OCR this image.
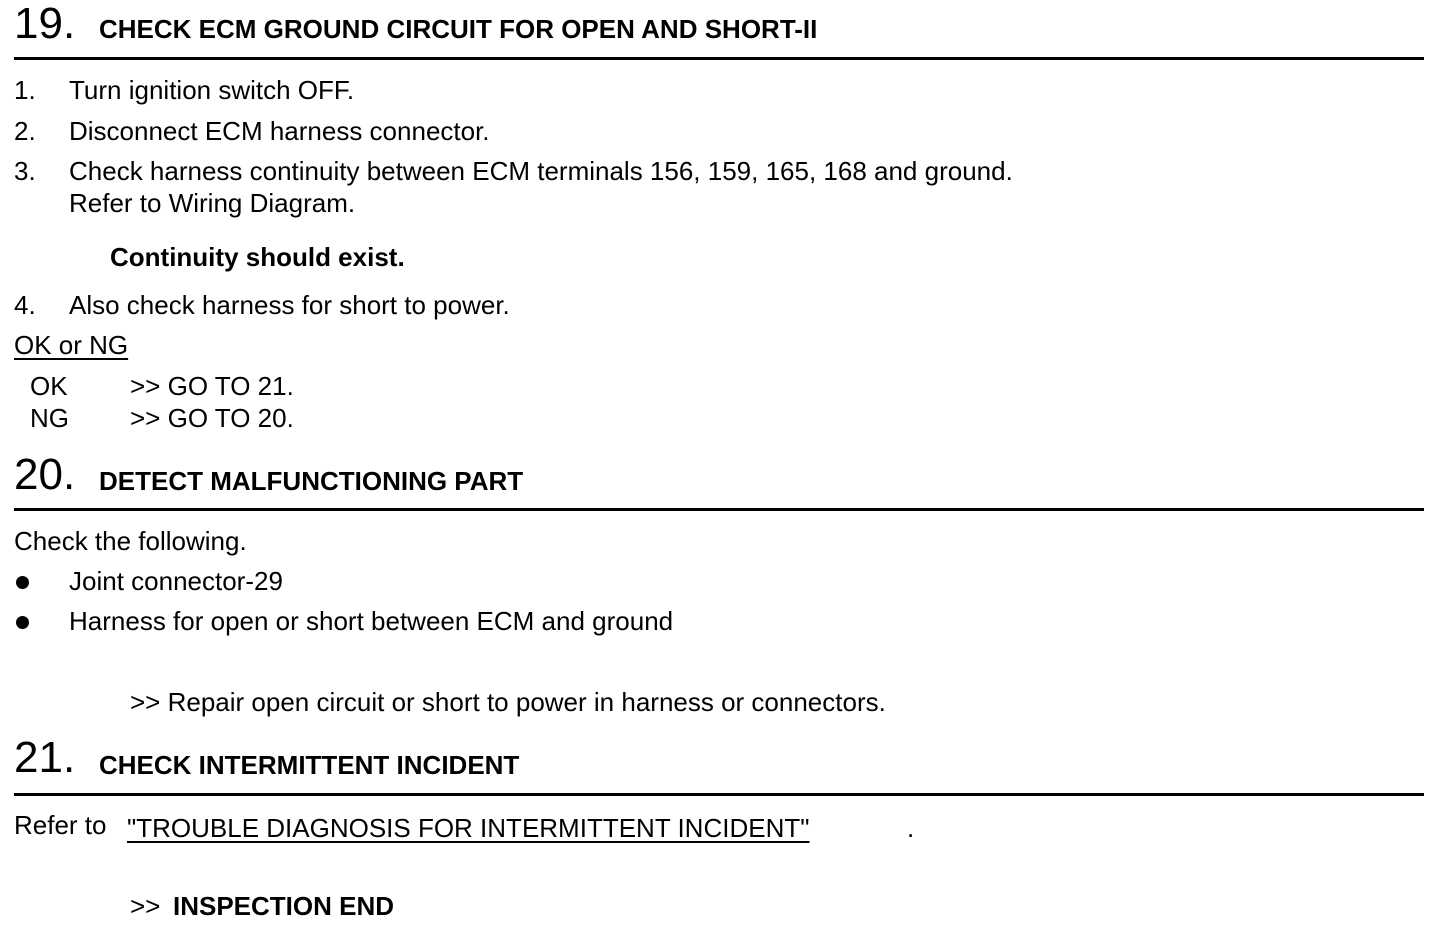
19. CHECK ECM GROUND CIRCUIT FOR OPEN AND SHORT-II
1. Turn ignition switch OFF.
2. Disconnect ECM harness connector.
3. Check harness continuity between ECM terminals 156, 159, 165, 168 and ground.
Refer to Wiring Diagram.
Continuity should exist.
4. Also check harness for short to power.
OK or NG
OK >> GO TO 21.
NG >> GO TO 20.
20. DETECT MALFUNCTIONING PART
Check the following.
Joint connector-29
Harness for open or short between ECM and ground
>> Repair open circuit or short to power in harness or connectors.
21. CHECK INTERMITTENT INCIDENT
Refer to "TROUBLE DIAGNOSIS FOR INTERMITTENT INCIDENT"	.
>> INSPECTION END
